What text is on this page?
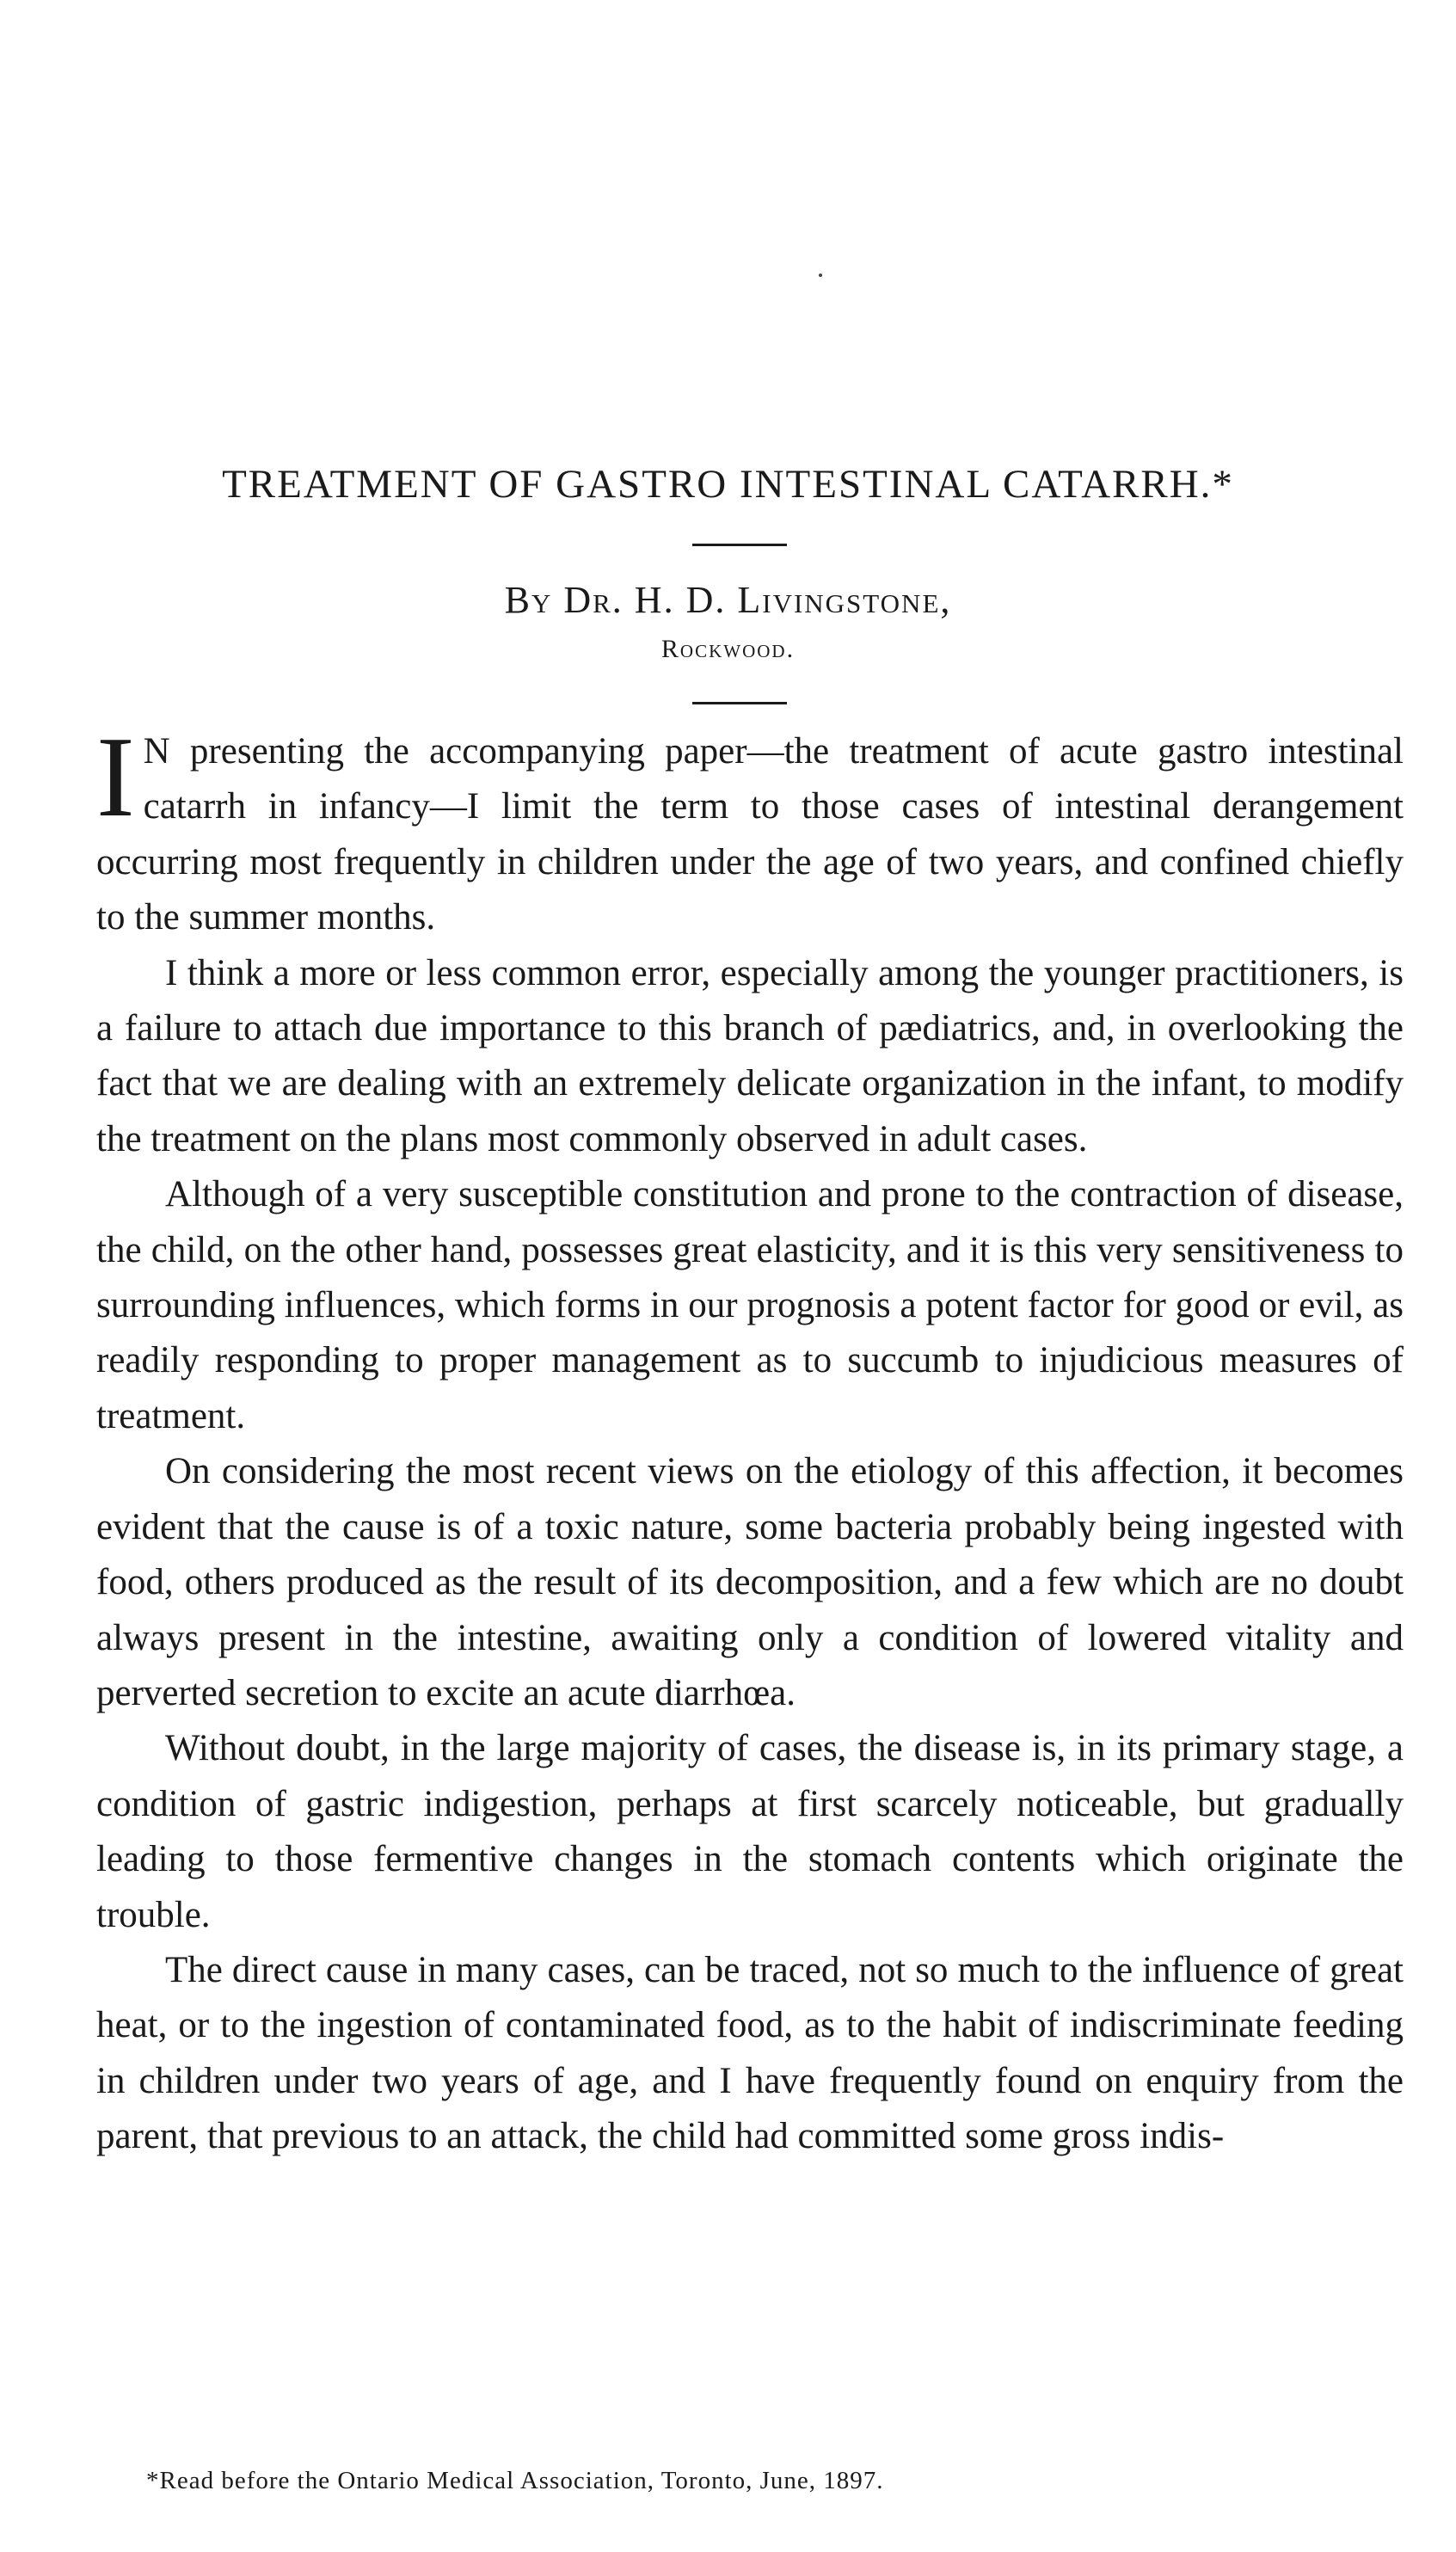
TREATMENT OF GASTRO INTESTINAL CATARRH.*
By Dr. H. D. Livingstone,
Rockwood.

I N presenting the accompanying paper—the treatment of acute gastro intestinal catarrh in infancy—I limit the term to those cases of intestinal derangement occurring most frequently in children under the age of two years, and confined chiefly to the summer months.

I think a more or less common error, especially among the younger practitioners, is a failure to attach due importance to this branch of pædiatrics, and, in overlooking the fact that we are dealing with an extremely delicate organization in the infant, to modify the treatment on the plans most commonly observed in adult cases.

Although of a very susceptible constitution and prone to the contraction of disease, the child, on the other hand, possesses great elasticity, and it is this very sensitiveness to surrounding influences, which forms in our prognosis a potent factor for good or evil, as readily responding to proper management as to succumb to injudicious measures of treatment.

On considering the most recent views on the etiology of this affection, it becomes evident that the cause is of a toxic nature, some bacteria probably being ingested with food, others produced as the result of its decomposition, and a few which are no doubt always present in the intestine, awaiting only a condition of lowered vitality and perverted secretion to excite an acute diarrhœa.

Without doubt, in the large majority of cases, the disease is, in its primary stage, a condition of gastric indigestion, perhaps at first scarcely noticeable, but gradually leading to those fermentive changes in the stomach contents which originate the trouble.

The direct cause in many cases, can be traced, not so much to the influence of great heat, or to the ingestion of contaminated food, as to the habit of indiscriminate feeding in children under two years of age, and I have frequently found on enquiry from the parent, that previous to an attack, the child had committed some gross indis-

*Read before the Ontario Medical Association, Toronto, June, 1897.
